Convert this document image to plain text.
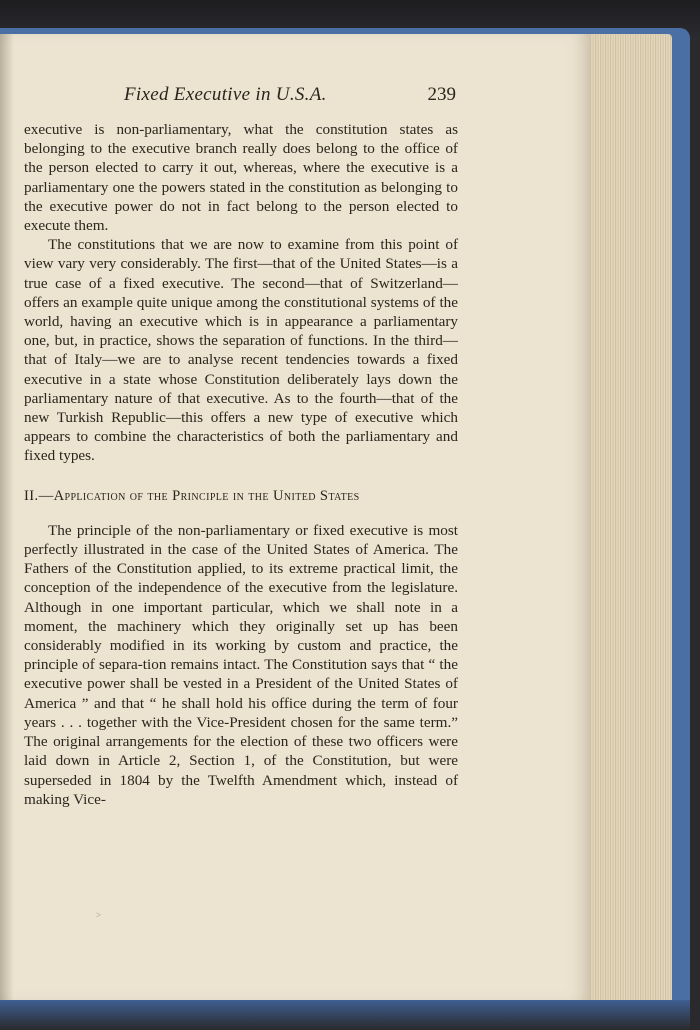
Fixed Executive in U.S.A.	239

executive is non-parliamentary, what the constitution states as belonging to the executive branch really does belong to the office of the person elected to carry it out, whereas, where the executive is a parliamentary one the powers stated in the constitution as belonging to the executive power do not in fact belong to the person elected to execute them.

The constitutions that we are now to examine from this point of view vary very considerably. The first—that of the United States—is a true case of a fixed executive. The second—that of Switzerland—offers an example quite unique among the constitutional systems of the world, having an executive which is in appearance a parliamentary one, but, in practice, shows the separation of functions. In the third—that of Italy—we are to analyse recent tendencies towards a fixed executive in a state whose Constitution deliberately lays down the parliamentary nature of that executive. As to the fourth—that of the new Turkish Republic—this offers a new type of executive which appears to combine the characteristics of both the parliamentary and fixed types.

II.—Application of the Principle in the United States

The principle of the non-parliamentary or fixed executive is most perfectly illustrated in the case of the United States of America. The Fathers of the Constitution applied, to its extreme practical limit, the conception of the independence of the executive from the legislature. Although in one important particular, which we shall note in a moment, the machinery which they originally set up has been considerably modified in its working by custom and practice, the principle of separa-tion remains intact. The Constitution says that “ the executive power shall be vested in a President of the United States of America ” and that “ he shall hold his office during the term of four years . . . together with the Vice-President chosen for the same term.” The original arrangements for the election of these two officers were laid down in Article 2, Section 1, of the Constitution, but were superseded in 1804 by the Twelfth Amendment which, instead of making Vice-

>
